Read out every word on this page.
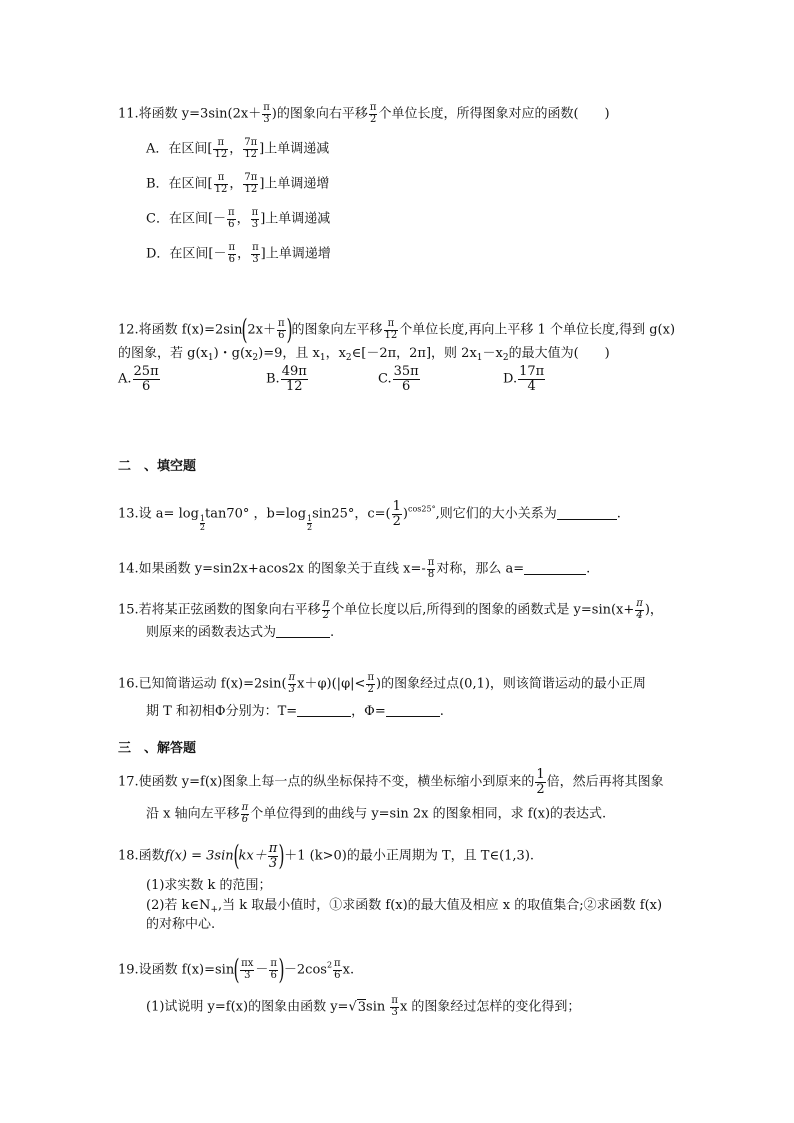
11.将函数 $y=3\sin(2x+ \frac{\pi}{3}$ )的图象向右平移 $\frac{\pi}{2}$ 个单位长度，所得图象对应的函数(　　)
A．在区间[ $\frac{\pi}{12}$ ， $\frac{7\pi}{12}$ ]上单调递减
B．在区间[ $\frac{\pi}{12}$ ， $\frac{7\pi}{12}$ ]上单调递增
C．在区间[－ $\frac{\pi}{6}$ ， $\frac{\pi}{3}$ ]上单调递减
D．在区间[－ $\frac{\pi}{6}$ ， $\frac{\pi}{3}$ ]上单调递增
12.将函数 $f(x)=2\sin(2x+ \frac{\pi}{6}$ )的图象向左平移 $\frac{\pi}{12}$ 个单位长度,再向上平移 1 个单位长度,得到 g(x)
的图象，若 $g(x_1)$・$g(x_2)=9$，且 $x_1$，$x_2\in[-2\pi$，2π]，则 $2x_1-x_2$的最大值为(　　)
A. $\frac{25\pi}{6}$	B. $\frac{49\pi}{12}$	C. $\frac{35\pi}{6}$	D. $\frac{17\pi}{4}$
二　、填空题
13.设 a= log
$\frac{1}{2}$
tan70° ，b=log
$\frac{1}{2}$
sin25°，$c=( \frac{1}{2} )^{cos25^\circ}$,则它们的大小关系为	.
14.如果函数 y=sin2x+acos2x 的图象关于直线 $x=- \frac{\pi}{8}$ 对称，那么 a=	.
15.若将某正弦函数的图象向右平移 $\frac{\pi}{2}$ 个单位长度以后,所得到的图象的函数式是 $y=\sin(x+ \frac{\pi}{4}$ )，
则原来的函数表达式为	.
16.已知简谐运动 $f(x)=2\sin( \frac{\pi}{3} x+\varphi)(|\varphi|< \frac{\pi}{2}$ )的图象经过点(0,1)，则该简谐运动的最小正周
期 T 和初相Φ分别为：T=	，Φ=	.
三　、解答题
17.使函数 y=f(x)图象上每一点的纵坐标保持不变，横坐标缩小到原来的 $\frac{1}{2}$ 倍，然后再将其图象
沿 x 轴向左平移 $\frac{\pi}{6}$ 个单位得到的曲线与 y=sin 2x 的图象相同，求 f(x)的表达式.
18.函数$f(x) = 3\sin(kx+ \frac{\pi}{3} )+1$ (k>0)的最小正周期为 T，且 T∈(1,3).
(1)求实数 k 的范围；
(2)若 $k\in N_+$,当 k 取最小值时，①求函数 f(x)的最大值及相应 x 的取值集合;②求函数 f(x)
的对称中心.
19.设函数 $f(x)=\sin( \frac{\pi x}{3} - \frac{\pi}{6} )-2\cos^2 \frac{\pi}{6} x$.
(1)试说明 y=f(x)的图象由函数 $y=√3\sin \frac{\pi}{3}$ x 的图象经过怎样的变化得到；
